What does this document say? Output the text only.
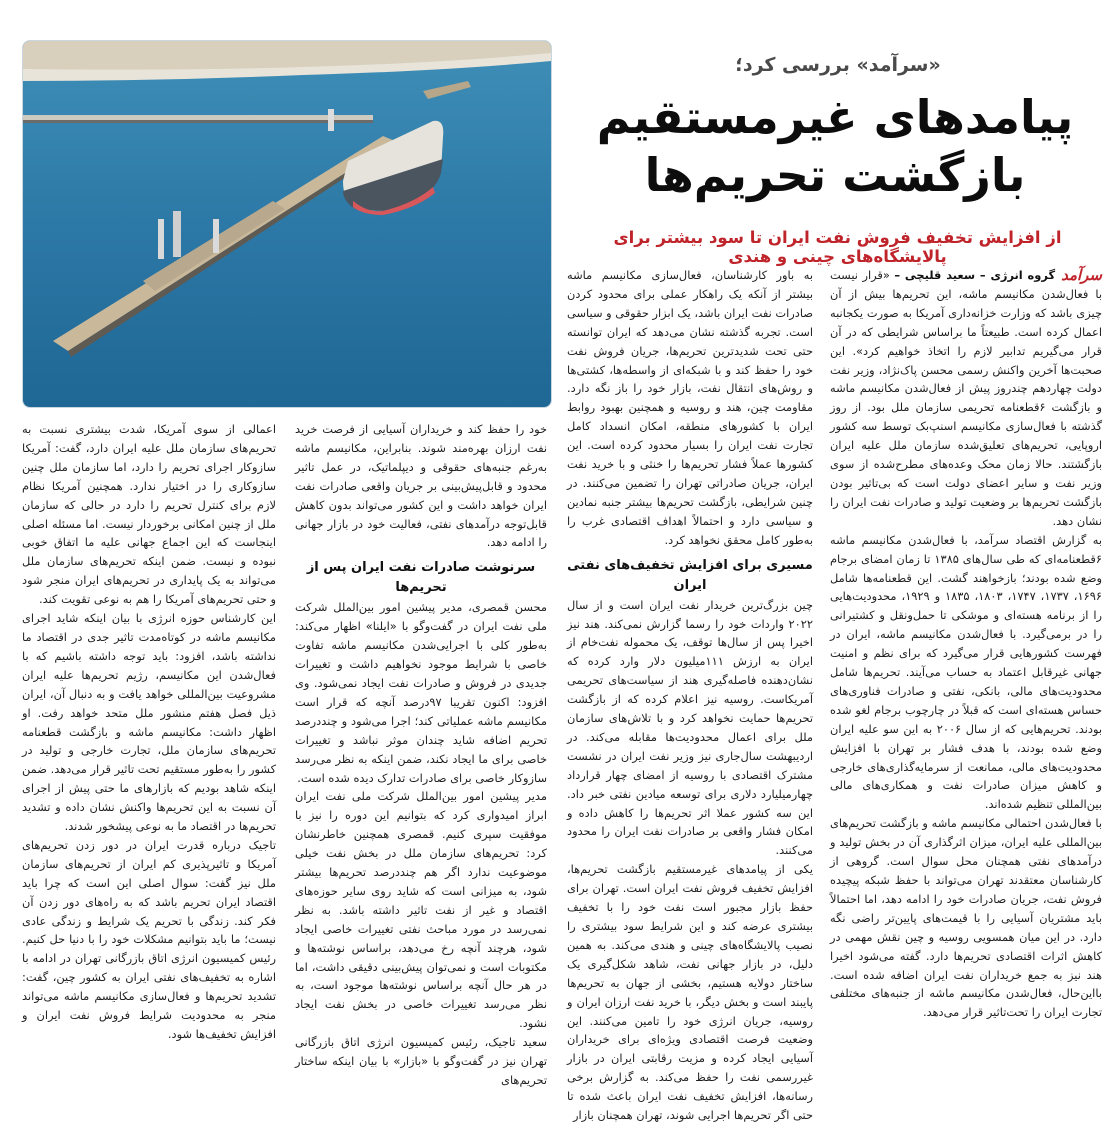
«سرآمد» بررسی کرد؛
پیامدهای غیرمستقیم
بازگشت تحریم‌ها
از افزایش تخفیف فروش نفت ایران تا سود بیشتر برای پالایشگاه‌های چینی و هندی

سرآمد
گروه انرژی – سعید قلیچی – «قرار نیست با فعال‌شدن مکانیسم ماشه، این تحریم‌ها بیش از آن چیزی باشد که وزارت خزانه‌داری آمریکا به صورت یکجانبه اعمال کرده است. طبیعتاً ما براساس شرایطی که در آن قرار می‌گیریم تدابیر لازم را اتخاذ خواهیم کرد». این صحبت‌ها آخرین واکنش رسمی محسن پاک‌نژاد، وزیر نفت دولت چهاردهم چندروز پیش از فعال‌شدن مکانیسم ماشه و بازگشت ۶قطعنامه تحریمی سازمان ملل بود. از روز گذشته با فعال‌سازی مکانیسم اسنپ‌بک توسط سه کشور اروپایی، تحریم‌های تعلیق‌شده سازمان ملل علیه ایران بازگشتند. حالا زمان محک وعده‌های مطرح‌شده از سوی وزیر نفت و سایر اعضای دولت است که بی‌تاثیر بودن بازگشت تحریم‌ها بر وضعیت تولید و صادرات نفت ایران را نشان دهد.

به گزارش اقتصاد سرآمد، با فعال‌شدن مکانیسم ماشه ۶قطعنامه‌ای که طی سال‌های ۱۳۸۵ تا زمان امضای برجام وضع شده بودند؛ بازخواهند گشت. این قطعنامه‌ها شامل ۱۶۹۶، ۱۷۳۷، ۱۷۴۷، ۱۸۰۳، ۱۸۳۵ و ۱۹۲۹، محدودیت‌هایی را از برنامه هسته‌ای و موشکی تا حمل‌ونقل و کشتیرانی را در برمی‌گیرد. با فعال‌شدن مکانیسم ماشه، ایران در فهرست کشورهایی قرار می‌گیرد که برای نظم و امنیت جهانی غیرقابل اعتماد به حساب می‌آیند. تحریم‌ها شامل محدودیت‌های مالی، بانکی، نفتی و صادرات فناوری‌های حساس هسته‌ای است که قبلاً در چارچوب برجام لغو شده بودند. تحریم‌هایی که از سال ۲۰۰۶ به این سو علیه ایران وضع شده بودند، با هدف فشار بر تهران با افزایش محدودیت‌های مالی، ممانعت از سرمایه‌گذاری‌های خارجی و کاهش میزان صادرات نفت و همکاری‌های مالی بین‌المللی تنظیم شده‌اند.

با فعال‌شدن احتمالی مکانیسم ماشه و بازگشت تحریم‌های بین‌المللی علیه ایران، میزان اثرگذاری آن در بخش تولید و درآمدهای نفتی همچنان محل سوال است. گروهی از کارشناسان معتقدند تهران می‌تواند با حفظ شبکه پیچیده فروش نفت، جریان صادرات خود را ادامه دهد، اما احتمالاً باید مشتریان آسیایی را با قیمت‌های پایین‌تر راضی نگه دارد. در این میان همسویی روسیه و چین نقش مهمی در کاهش اثرات اقتصادی تحریم‌ها دارد. گفته می‌شود اخیرا هند نیز به جمع خریداران نفت ایران اضافه شده است. بااین‌حال، فعال‌شدن مکانیسم ماشه از جنبه‌های مختلفی تجارت ایران را تحت‌تاثیر قرار می‌دهد.

به باور کارشناسان، فعال‌سازی مکانیسم ماشه بیشتر از آنکه یک راهکار عملی برای محدود کردن صادرات نفت ایران باشد، یک ابزار حقوقی و سیاسی است. تجربه گذشته نشان می‌دهد که ایران توانسته حتی تحت شدیدترین تحریم‌ها، جریان فروش نفت خود را حفظ کند و با شبکه‌ای از واسطه‌ها، کشتی‌ها و روش‌های انتقال نفت، بازار خود را باز نگه دارد. مقاومت چین، هند و روسیه و همچنین بهبود روابط ایران با کشورهای منطقه، امکان انسداد کامل تجارت نفت ایران را بسیار محدود کرده است. این کشورها عملاً فشار تحریم‌ها را خنثی و با خرید نفت ایران، جریان صادراتی تهران را تضمین می‌کنند. در چنین شرایطی، بازگشت تحریم‌ها بیشتر جنبه نمادین و سیاسی دارد و احتمالاً اهداف اقتصادی غرب را به‌طور کامل محقق نخواهد کرد.

مسیری برای افزایش تخفیف‌های نفتی ایران

چین بزرگ‌ترین خریدار نفت ایران است و از سال ۲۰۲۲ واردات خود را رسما گزارش نمی‌کند. هند نیز اخیرا پس از سال‌ها توقف، یک محموله نفت‌خام از ایران به ارزش ۱۱۱میلیون دلار وارد کرده که نشان‌دهنده فاصله‌گیری هند از سیاست‌های تحریمی آمریکاست. روسیه نیز اعلام کرده که از بازگشت تحریم‌ها حمایت نخواهد کرد و با تلاش‌های سازمان ملل برای اعمال محدودیت‌ها مقابله می‌کند. در اردیبهشت سال‌جاری نیز وزیر نفت ایران در نشست مشترک اقتصادی با روسیه از امضای چهار قرارداد چهارمیلیارد دلاری برای توسعه میادین نفتی خبر داد. این سه کشور عملا اثر تحریم‌ها را کاهش داده و امکان فشار واقعی بر صادرات نفت ایران را محدود می‌کنند.

یکی از پیامدهای غیرمستقیم بازگشت تحریم‌ها، افزایش تخفیف فروش نفت ایران است. تهران برای حفظ بازار مجبور است نفت خود را با تخفیف بیشتری عرضه کند و این شرایط سود بیشتری را نصیب پالایشگاه‌های چینی و هندی می‌کند. به همین دلیل، در بازار جهانی نفت، شاهد شکل‌گیری یک ساختار دولایه هستیم، بخشی از جهان به تحریم‌ها پایبند است و بخش دیگر، با خرید نفت ارزان ایران و روسیه، جریان انرژی خود را تامین می‌کنند. این وضعیت فرصت اقتصادی ویژه‌ای برای خریداران آسیایی ایجاد کرده و مزیت رقابتی ایران در بازار غیررسمی نفت را حفظ می‌کند. به گزارش برخی رسانه‌ها، افزایش تخفیف نفت ایران باعث شده تا حتی اگر تحریم‌ها اجرایی شوند، تهران همچنان بازار

خود را حفظ کند و خریداران آسیایی از فرصت خرید نفت ارزان بهره‌مند شوند. بنابراین، مکانیسم ماشه به‌رغم جنبه‌های حقوقی و دیپلماتیک، در عمل تاثیر محدود و قابل‌پیش‌بینی بر جریان واقعی صادرات نفت ایران خواهد داشت و این کشور می‌تواند بدون کاهش قابل‌توجه درآمدهای نفتی، فعالیت خود در بازار جهانی را ادامه دهد.

سرنوشت صادرات نفت ایران پس از تحریم‌ها

محسن قمصری، مدیر پیشین امور بین‌الملل شرکت ملی نفت ایران در گفت‌وگو با «ایلنا» اظهار می‌کند: به‌طور کلی با اجرایی‌شدن مکانیسم ماشه تفاوت خاصی با شرایط موجود نخواهیم داشت و تغییرات جدیدی در فروش و صادرات نفت ایجاد نمی‌شود. وی افزود: اکنون تقریبا ۹۷درصد آنچه که قرار است مکانیسم ماشه عملیاتی کند؛ اجرا می‌شود و چنددرصد تحریم اضافه شاید چندان موثر نباشد و تغییرات خاصی برای ما ایجاد نکند، ضمن اینکه به نظر می‌رسد سازوکار خاصی برای صادرات تدارک دیده شده است.

مدیر پیشین امور بین‌الملل شرکت ملی نفت ایران ابراز امیدواری کرد که بتوانیم این دوره را نیز با موفقیت سپری کنیم. قمصری همچنین خاطرنشان کرد: تحریم‌های سازمان ملل در بخش نفت خیلی موضوعیت ندارد اگر هم چنددرصد تحریم‌ها بیشتر شود، به میزانی است که شاید روی سایر حوزه‌های اقتصاد و غیر از نفت تاثیر داشته باشد. به نظر نمی‌رسد در مورد مباحث نفتی تغییرات خاصی ایجاد شود، هرچند آنچه رخ می‌دهد، براساس نوشته‌ها و مکتوبات است و نمی‌توان پیش‌بینی دقیقی داشت، اما در هر حال آنچه براساس نوشته‌ها موجود است، به نظر می‌رسد تغییرات خاصی در بخش نفت ایجاد نشود.

سعید تاجیک، رئیس کمیسیون انرژی اتاق بازرگانی تهران نیز در گفت‌وگو با «بازار» با بیان اینکه ساختار تحریم‌های

اعمالی از سوی آمریکا، شدت بیشتری نسبت به تحریم‌های سازمان ملل علیه ایران دارد، گفت: آمریکا سازوکار اجرای تحریم را دارد، اما سازمان ملل چنین سازوکاری را در اختیار ندارد. همچنین آمریکا نظام لازم برای کنترل تحریم را دارد در حالی که سازمان ملل از چنین امکانی برخوردار نیست. اما مسئله اصلی اینجاست که این اجماع جهانی علیه ما اتفاق خوبی نبوده و نیست. ضمن اینکه تحریم‌های سازمان ملل می‌تواند به یک پایداری در تحریم‌های ایران منجر شود و حتی تحریم‌های آمریکا را هم به نوعی تقویت کند.

این کارشناس حوزه انرژی با بیان اینکه شاید اجرای مکانیسم ماشه در کوتاه‌مدت تاثیر جدی در اقتصاد ما نداشته باشد، افزود: باید توجه داشته باشیم که با فعال‌شدن این مکانیسم، رژیم تحریم‌ها علیه ایران مشروعیت بین‌المللی خواهد یافت و به دنبال آن، ایران ذیل فصل هفتم منشور ملل متحد خواهد رفت. او اظهار داشت: مکانیسم ماشه و بازگشت قطعنامه تحریم‌های سازمان ملل، تجارت خارجی و تولید در کشور را به‌طور مستقیم تحت تاثیر قرار می‌دهد. ضمن اینکه شاهد بودیم که بازارهای ما حتی پیش از اجرای آن نسبت به این تحریم‌ها واکنش نشان داده و تشدید تحریم‌ها در اقتصاد ما به نوعی پیشخور شدند.

تاجیک درباره قدرت ایران در دور زدن تحریم‌های آمریکا و تاثیرپذیری کم ایران از تحریم‌های سازمان ملل نیز گفت: سوال اصلی این است که چرا باید اقتصاد ایران تحریم باشد که به راه‌های دور زدن آن فکر کند. زندگی با تحریم یک شرایط و زندگی عادی نیست؛ ما باید بتوانیم مشکلات خود را با دنیا حل کنیم. رئیس کمیسیون انرژی اتاق بازرگانی تهران در ادامه با اشاره به تخفیف‌های نفتی ایران به کشور چین، گفت: تشدید تحریم‌ها و فعال‌سازی مکانیسم ماشه می‌تواند منجر به محدودیت شرایط فروش نفت ایران و افزایش تخفیف‌ها شود.
